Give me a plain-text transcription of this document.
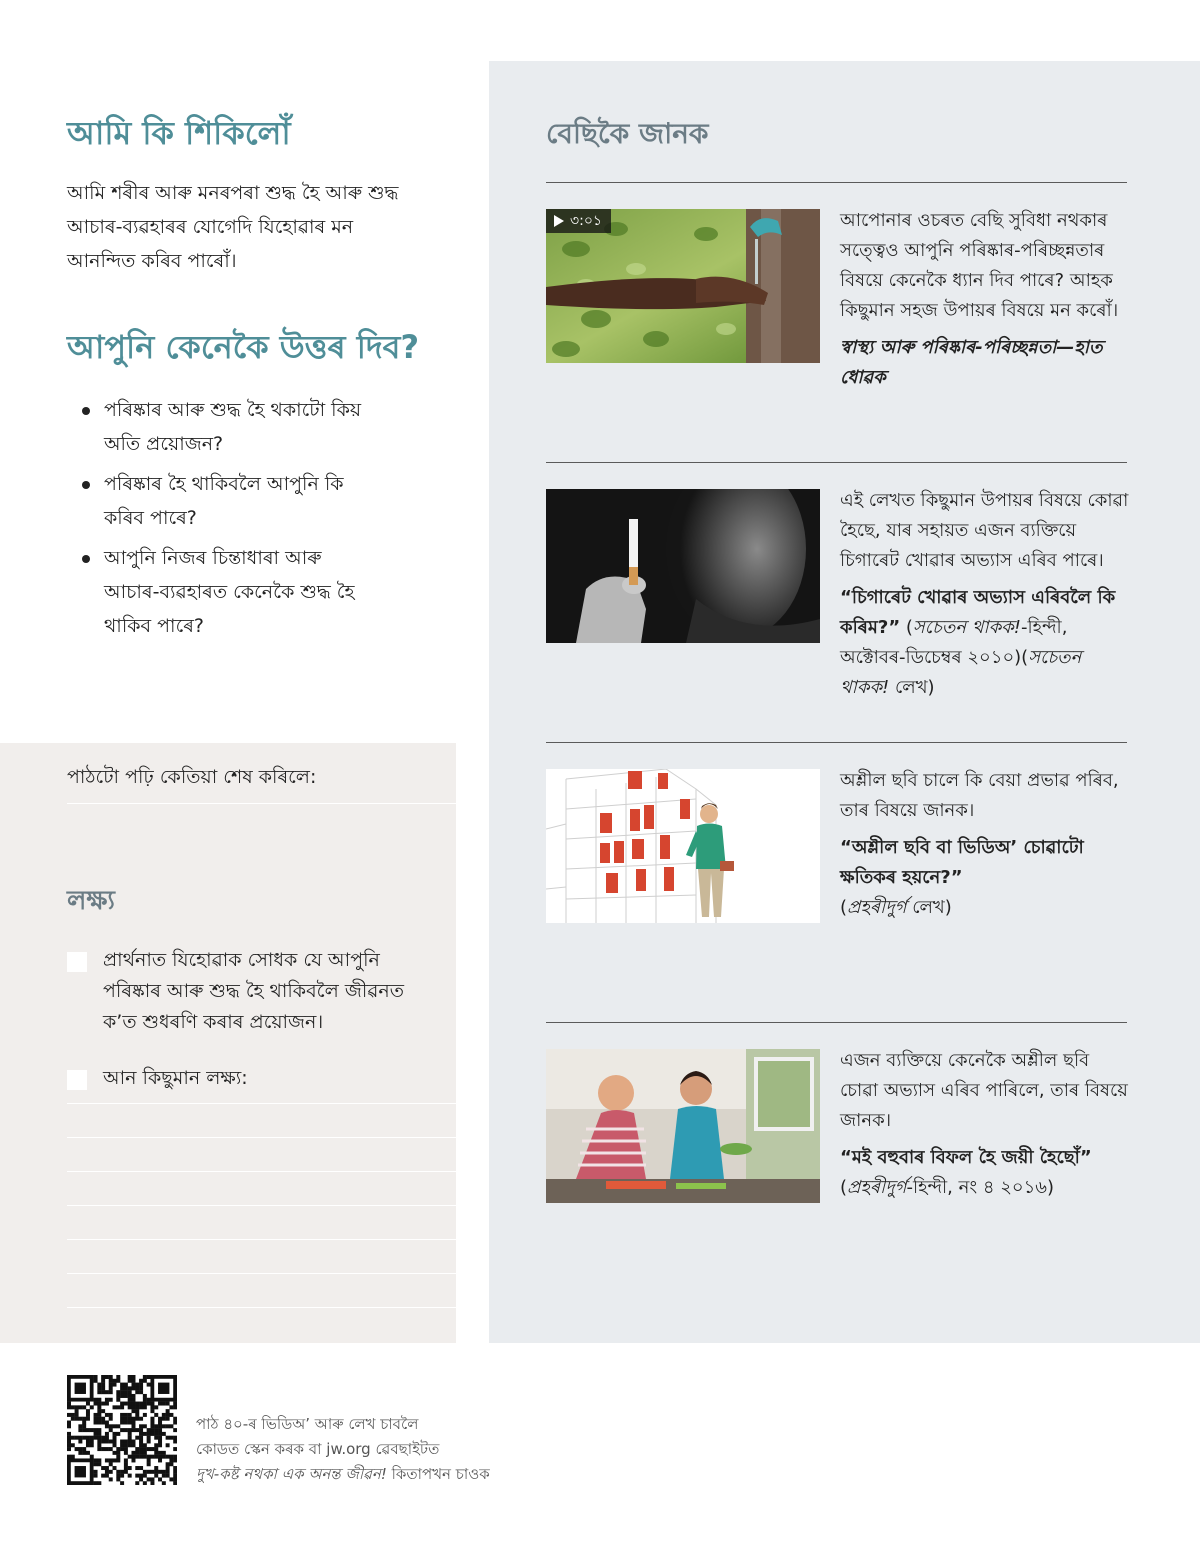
আমি কি শিকিলোঁ

আমি শৰীৰ আৰু মনৰপৰা শুদ্ধ হৈ আৰু শুদ্ধ আচাৰ-ব্যৱহাৰৰ যোগেদি যিহোৱাৰ মন আনন্দিত কৰিব পাৰোঁ।

আপুনি কেনেকৈ উত্তৰ দিব?
পৰিষ্কাৰ আৰু শুদ্ধ হৈ থকাটো কিয় অতি প্ৰয়োজন?
পৰিষ্কাৰ হৈ থাকিবলৈ আপুনি কি কৰিব পাৰে?
আপুনি নিজৰ চিন্তাধাৰা আৰু আচাৰ-ব্যৱহাৰত কেনেকৈ শুদ্ধ হৈ থাকিব পাৰে?
পাঠটো পঢ়ি কেতিয়া শেষ কৰিলে:
লক্ষ্য
প্ৰাৰ্থনাত যিহোৱাক সোধক যে আপুনি পৰিষ্কাৰ আৰু শুদ্ধ হৈ থাকিবলৈ জীৱনত ক’ত শুধৰণি কৰাৰ প্ৰয়োজন।
আন কিছুমান লক্ষ্য:
বেছিকৈ জানক
৩:০১	আপোনাৰ ওচৰত বেছি সুবিধা নথকাৰ সত্ত্বেও আপুনি পৰিষ্কাৰ-পৰিচ্ছন্নতাৰ বিষয়ে কেনেকৈ ধ্যান দিব পাৰে? আহক কিছুমান সহজ উপায়ৰ বিষয়ে মন কৰোঁ।

স্বাস্থ্য আৰু পৰিষ্কাৰ-পৰিচ্ছন্নতা—হাত ধোৱক

এই লেখত কিছুমান উপায়ৰ বিষয়ে কোৱা হৈছে, যাৰ সহায়ত এজন ব্যক্তিয়ে চিগাৰেট খোৱাৰ অভ্যাস এৰিব পাৰে।

“চিগাৰেট খোৱাৰ অভ্যাস এৰিবলৈ কি কৰিম?” (সচেতন থাকক!-হিন্দী, অক্টোবৰ-ডিচেম্বৰ ২০১০)(সচেতন থাকক! লেখ)

অশ্লীল ছবি চালে কি বেয়া প্ৰভাৱ পৰিব, তাৰ বিষয়ে জানক।

“অশ্লীল ছবি বা ভিডিঅ’ চোৱাটো ক্ষতিকৰ হয়নে?”
(প্ৰহৰীদুৰ্গ লেখ)

এজন ব্যক্তিয়ে কেনেকৈ অশ্লীল ছবি চোৱা অভ্যাস এৰিব পাৰিলে, তাৰ বিষয়ে জানক।

“মই বহুবাৰ বিফল হৈ জয়ী হৈছোঁ”
(প্ৰহৰীদুৰ্গ-হিন্দী, নং ৪ ২০১৬)

পাঠ ৪০-ৰ ভিডিঅ’ আৰু লেখ চাবলৈ
কোডত স্কেন কৰক বা jw.org ৱেবছাইটত
দুখ-কষ্ট নথকা এক অনন্ত জীৱন! কিতাপখন চাওক
